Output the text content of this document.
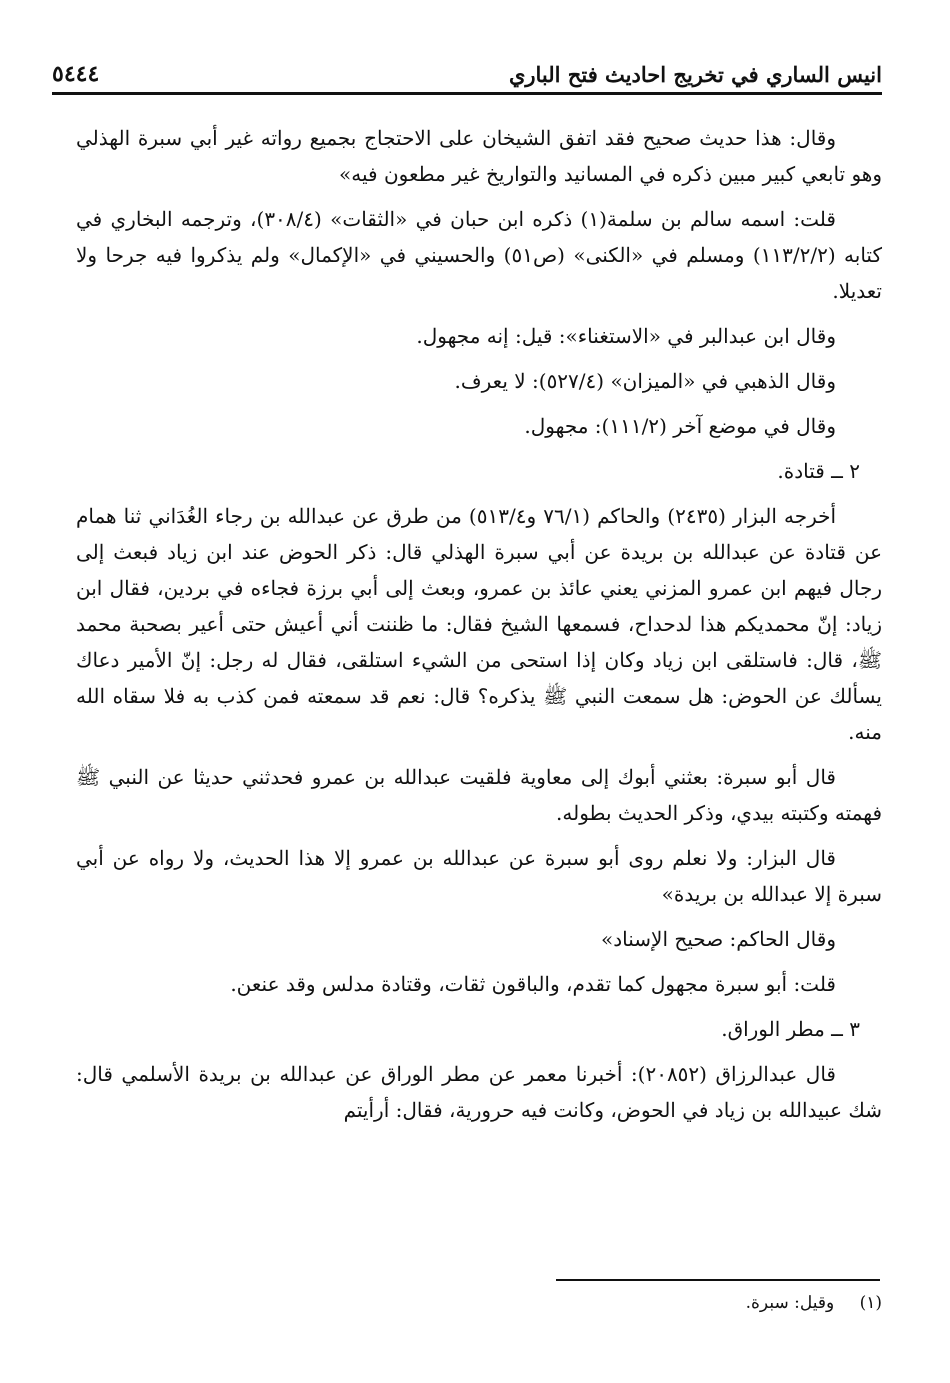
٥٤٤٤	انيس الساري في تخريج احاديث فتح الباري

وقال: هذا حديث صحيح فقد اتفق الشيخان على الاحتجاج بجميع رواته غير أبي سبرة الهذلي وهو تابعي كبير مبين ذكره في المسانيد والتواريخ غير مطعون فيه»

قلت: اسمه سالم بن سلمة(١) ذكره ابن حبان في «الثقات» (٣٠٨/٤)، وترجمه البخاري في كتابه (١١٣/٢/٢) ومسلم في «الكنى» (ص٥١) والحسيني في «الإكمال» ولم يذكروا فيه جرحا ولا تعديلا.

وقال ابن عبدالبر في «الاستغناء»: قيل: إنه مجهول.

وقال الذهبي في «الميزان» (٥٢٧/٤): لا يعرف.

وقال في موضع آخر (١١١/٢): مجهول.

٢ ــ قتادة.

أخرجه البزار (٢٤٣٥) والحاكم (٧٦/١ و٥١٣/٤) من طرق عن عبدالله بن رجاء الغُدَاني ثنا همام عن قتادة عن عبدالله بن بريدة عن أبي سبرة الهذلي قال: ذكر الحوض عند ابن زياد فبعث إلى رجال فيهم ابن عمرو المزني يعني عائذ بن عمرو، وبعث إلى أبي برزة فجاءه في بردين، فقال ابن زياد: إنّ محمديكم هذا لدحداح، فسمعها الشيخ فقال: ما ظننت أني أعيش حتى أعير بصحبة محمد ﷺ، قال: فاستلقى ابن زياد وكان إذا استحى من الشيء استلقى، فقال له رجل: إنّ الأمير دعاك يسألك عن الحوض: هل سمعت النبي ﷺ يذكره؟ قال: نعم قد سمعته فمن كذب به فلا سقاه الله منه.

قال أبو سبرة: بعثني أبوك إلى معاوية فلقيت عبدالله بن عمرو فحدثني حديثا عن النبي ﷺ فهمته وكتبته بيدي، وذكر الحديث بطوله.

قال البزار: ولا نعلم روى أبو سبرة عن عبدالله بن عمرو إلا هذا الحديث، ولا رواه عن أبي سبرة إلا عبدالله بن بريدة»

وقال الحاكم: صحيح الإسناد»

قلت: أبو سبرة مجهول كما تقدم، والباقون ثقات، وقتادة مدلس وقد عنعن.

٣ ــ مطر الوراق.

قال عبدالرزاق (٢٠٨٥٢): أخبرنا معمر عن مطر الوراق عن عبدالله بن بريدة الأسلمي قال: شك عبيدالله بن زياد في الحوض، وكانت فيه حرورية، فقال: أرأيتم

(١) وقيل: سبرة.
